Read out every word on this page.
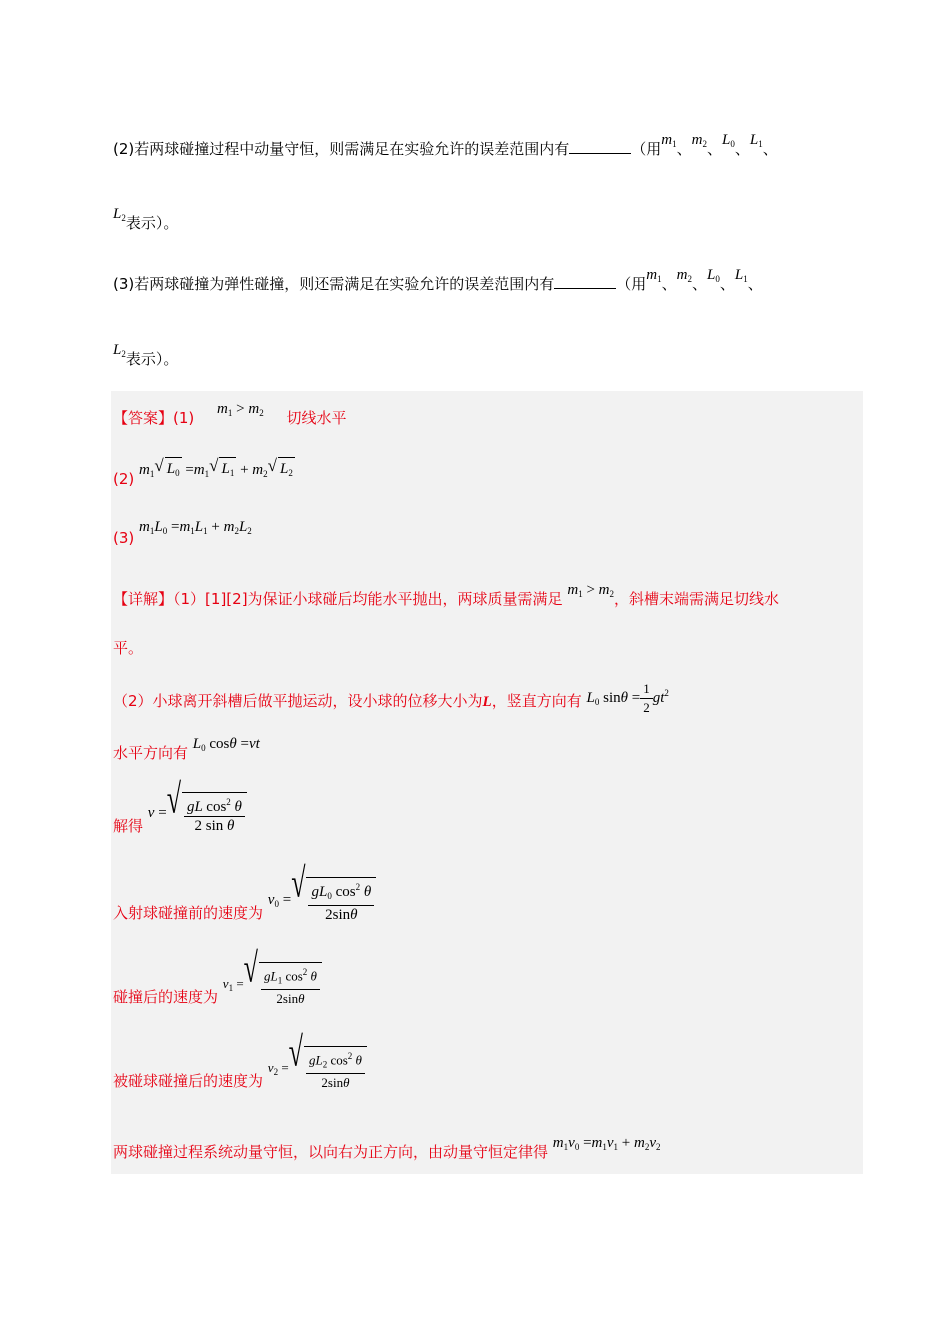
(2)若两球碰撞过程中动量守恒，则需满足在实验允许的误差范围内有	（用$m_1$、$m_2$、$L_0$、$L_1$、
$L_2$表示）。
(3)若两球碰撞为弹性碰撞，则还需满足在实验允许的误差范围内有	（用$m_1$、$m_2$、$L_0$、$L_1$、
$L_2$表示）。
【答案】(1) $m_1 > m_2$ 切线水平
(2) $m_1$ √ $L_0 =m_1$ √ $L_1 + m_2$ √ $L_2$
(3) $m_1L_0 =m_1L_1 + m_2L_2$
【详解】（1）[1][2]为保证小球碰后均能水平抛出，两球质量需满足 $m_1 > m_2$，斜槽末端需满足切线水
平。
（2）小球离开斜槽后做平抛运动，设小球的位移大小为L，竖直方向有 $L_0$ $\sin\theta = \frac{1}{2} gt^2$
水平方向有 $L_0$ cosθ =vt
解得 v = √ $\frac{gL \cos^2 \theta}{\text{2 sin θ}}$
入射球碰撞前的速度为 $v_0$ = √ $\frac{gL_0 \cos^2 \theta}{2\sin\theta}$
碰撞后的速度为 $v_1$ = √ $\frac{gL_1 \cos^2 \theta}{2\sin\theta}$
被碰球碰撞后的速度为 $v_2$ = √ $\frac{gL_2 \cos^2 \theta}{2\sin\theta}$
两球碰撞过程系统动量守恒，以向右为正方向，由动量守恒定律得 $m_1v_0 =m_1v_1 + m_2v_2$
